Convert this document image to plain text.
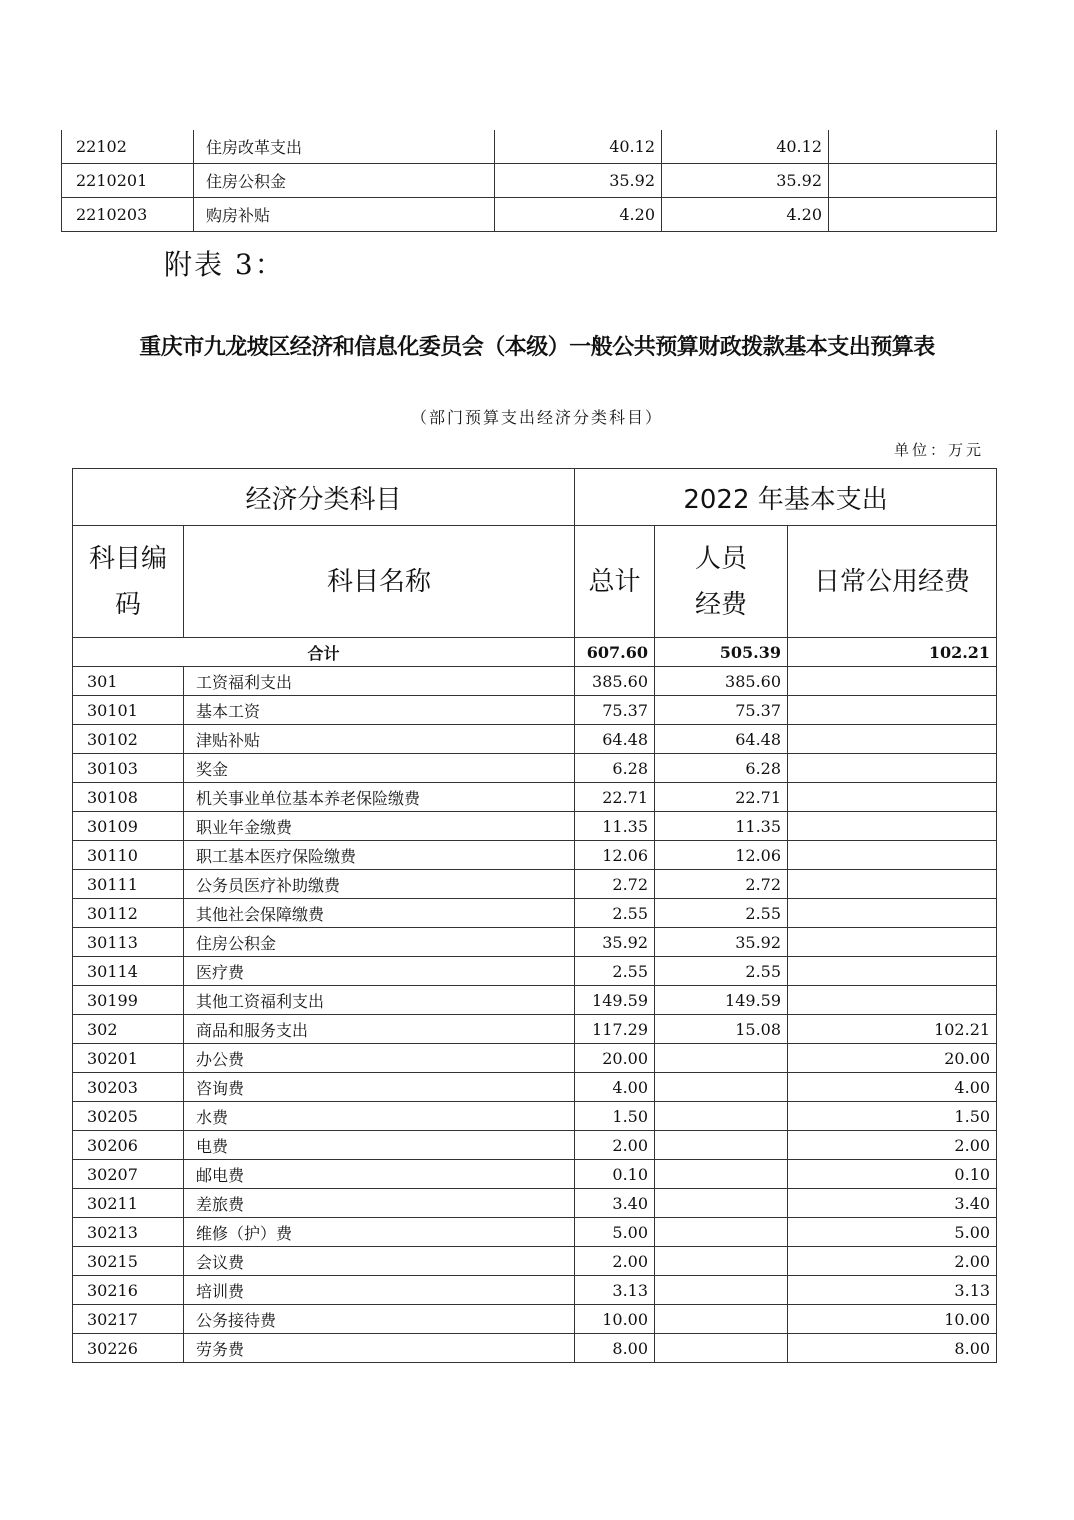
22102	住房改革支出	40.12	40.12	
2210201	住房公积金	35.92	35.92	
2210203	购房补贴	4.20	4.20	
附表 3：
重庆市九龙坡区经济和信息化委员会（本级）一般公共预算财政拨款基本支出预算表
（部门预算支出经济分类科目）
单位：万元
经济分类科目		2022 年基本支出		
科目编码	科目名称	总计	人员经费	日常公用经费
合计		607.60	505.39	102.21
301	工资福利支出	385.60	385.60	
30101	基本工资	75.37	75.37	
30102	津贴补贴	64.48	64.48	
30103	奖金	6.28	6.28	
30108	机关事业单位基本养老保险缴费	22.71	22.71	
30109	职业年金缴费	11.35	11.35	
30110	职工基本医疗保险缴费	12.06	12.06	
30111	公务员医疗补助缴费	2.72	2.72	
30112	其他社会保障缴费	2.55	2.55	
30113	住房公积金	35.92	35.92	
30114	医疗费	2.55	2.55	
30199	其他工资福利支出	149.59	149.59	
302	商品和服务支出	117.29	15.08	102.21
30201	办公费	20.00		20.00
30203	咨询费	4.00		4.00
30205	水费	1.50		1.50
30206	电费	2.00		2.00
30207	邮电费	0.10		0.10
30211	差旅费	3.40		3.40
30213	维修（护）费	5.00		5.00
30215	会议费	2.00		2.00
30216	培训费	3.13		3.13
30217	公务接待费	10.00		10.00
30226	劳务费	8.00		8.00
